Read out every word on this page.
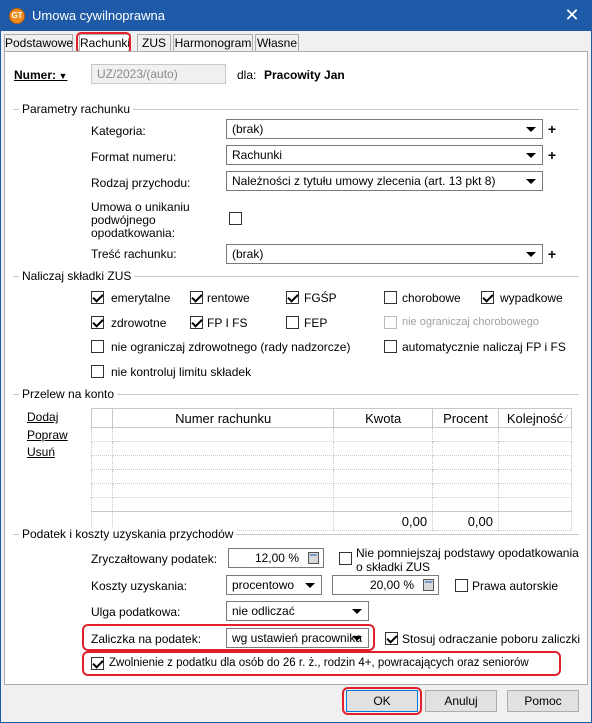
GT Umowa cywilnoprawna	✕
Podstawowe Rachunki ZUS Harmonogram Własne
Numer: ▼	UZ/2023/(auto)	dla: Pracowity Jan
Parametry rachunku
Kategoria:	(brak)	+
Format numeru:	Rachunki	+
Rodzaj przychodu:	Należności z tytułu umowy zlecenia (art. 13 pkt 8)
Umowa o unikaniu
podwójnego
opodatkowania:
Treść rachunku:	(brak)	+
Naliczaj składki ZUS
emerytalne	rentowe	FGŚP	chorobowe	wypadkowe
zdrowotne	FP I FS	FEP	nie ograniczaj chorobowego
nie ograniczaj zdrowotnego (rady nadzorcze)	automatycznie naliczaj FP i FS
nie kontroluj limitu składek
Przelew na konto
Dodaj
Popraw
Usuń
	Numer rachunku	Kwota	Procent	Kolejność ∕

		0,00	0,00	
Podatek i koszty uzyskania przychodów
Zryczałtowany podatek:	12,00 %	Nie pomniejszaj podstawy opodatkowania
o składki ZUS
Koszty uzyskania:	procentowo	20,00 %	Prawa autorskie
Ulga podatkowa:	nie odliczać
Zaliczka na podatek:	wg ustawień pracownika	Stosuj odraczanie poboru zaliczki
Zwolnienie z podatku dla osób do 26 r. ż., rodzin 4+, powracających oraz seniorów
OK	Anuluj	Pomoc
